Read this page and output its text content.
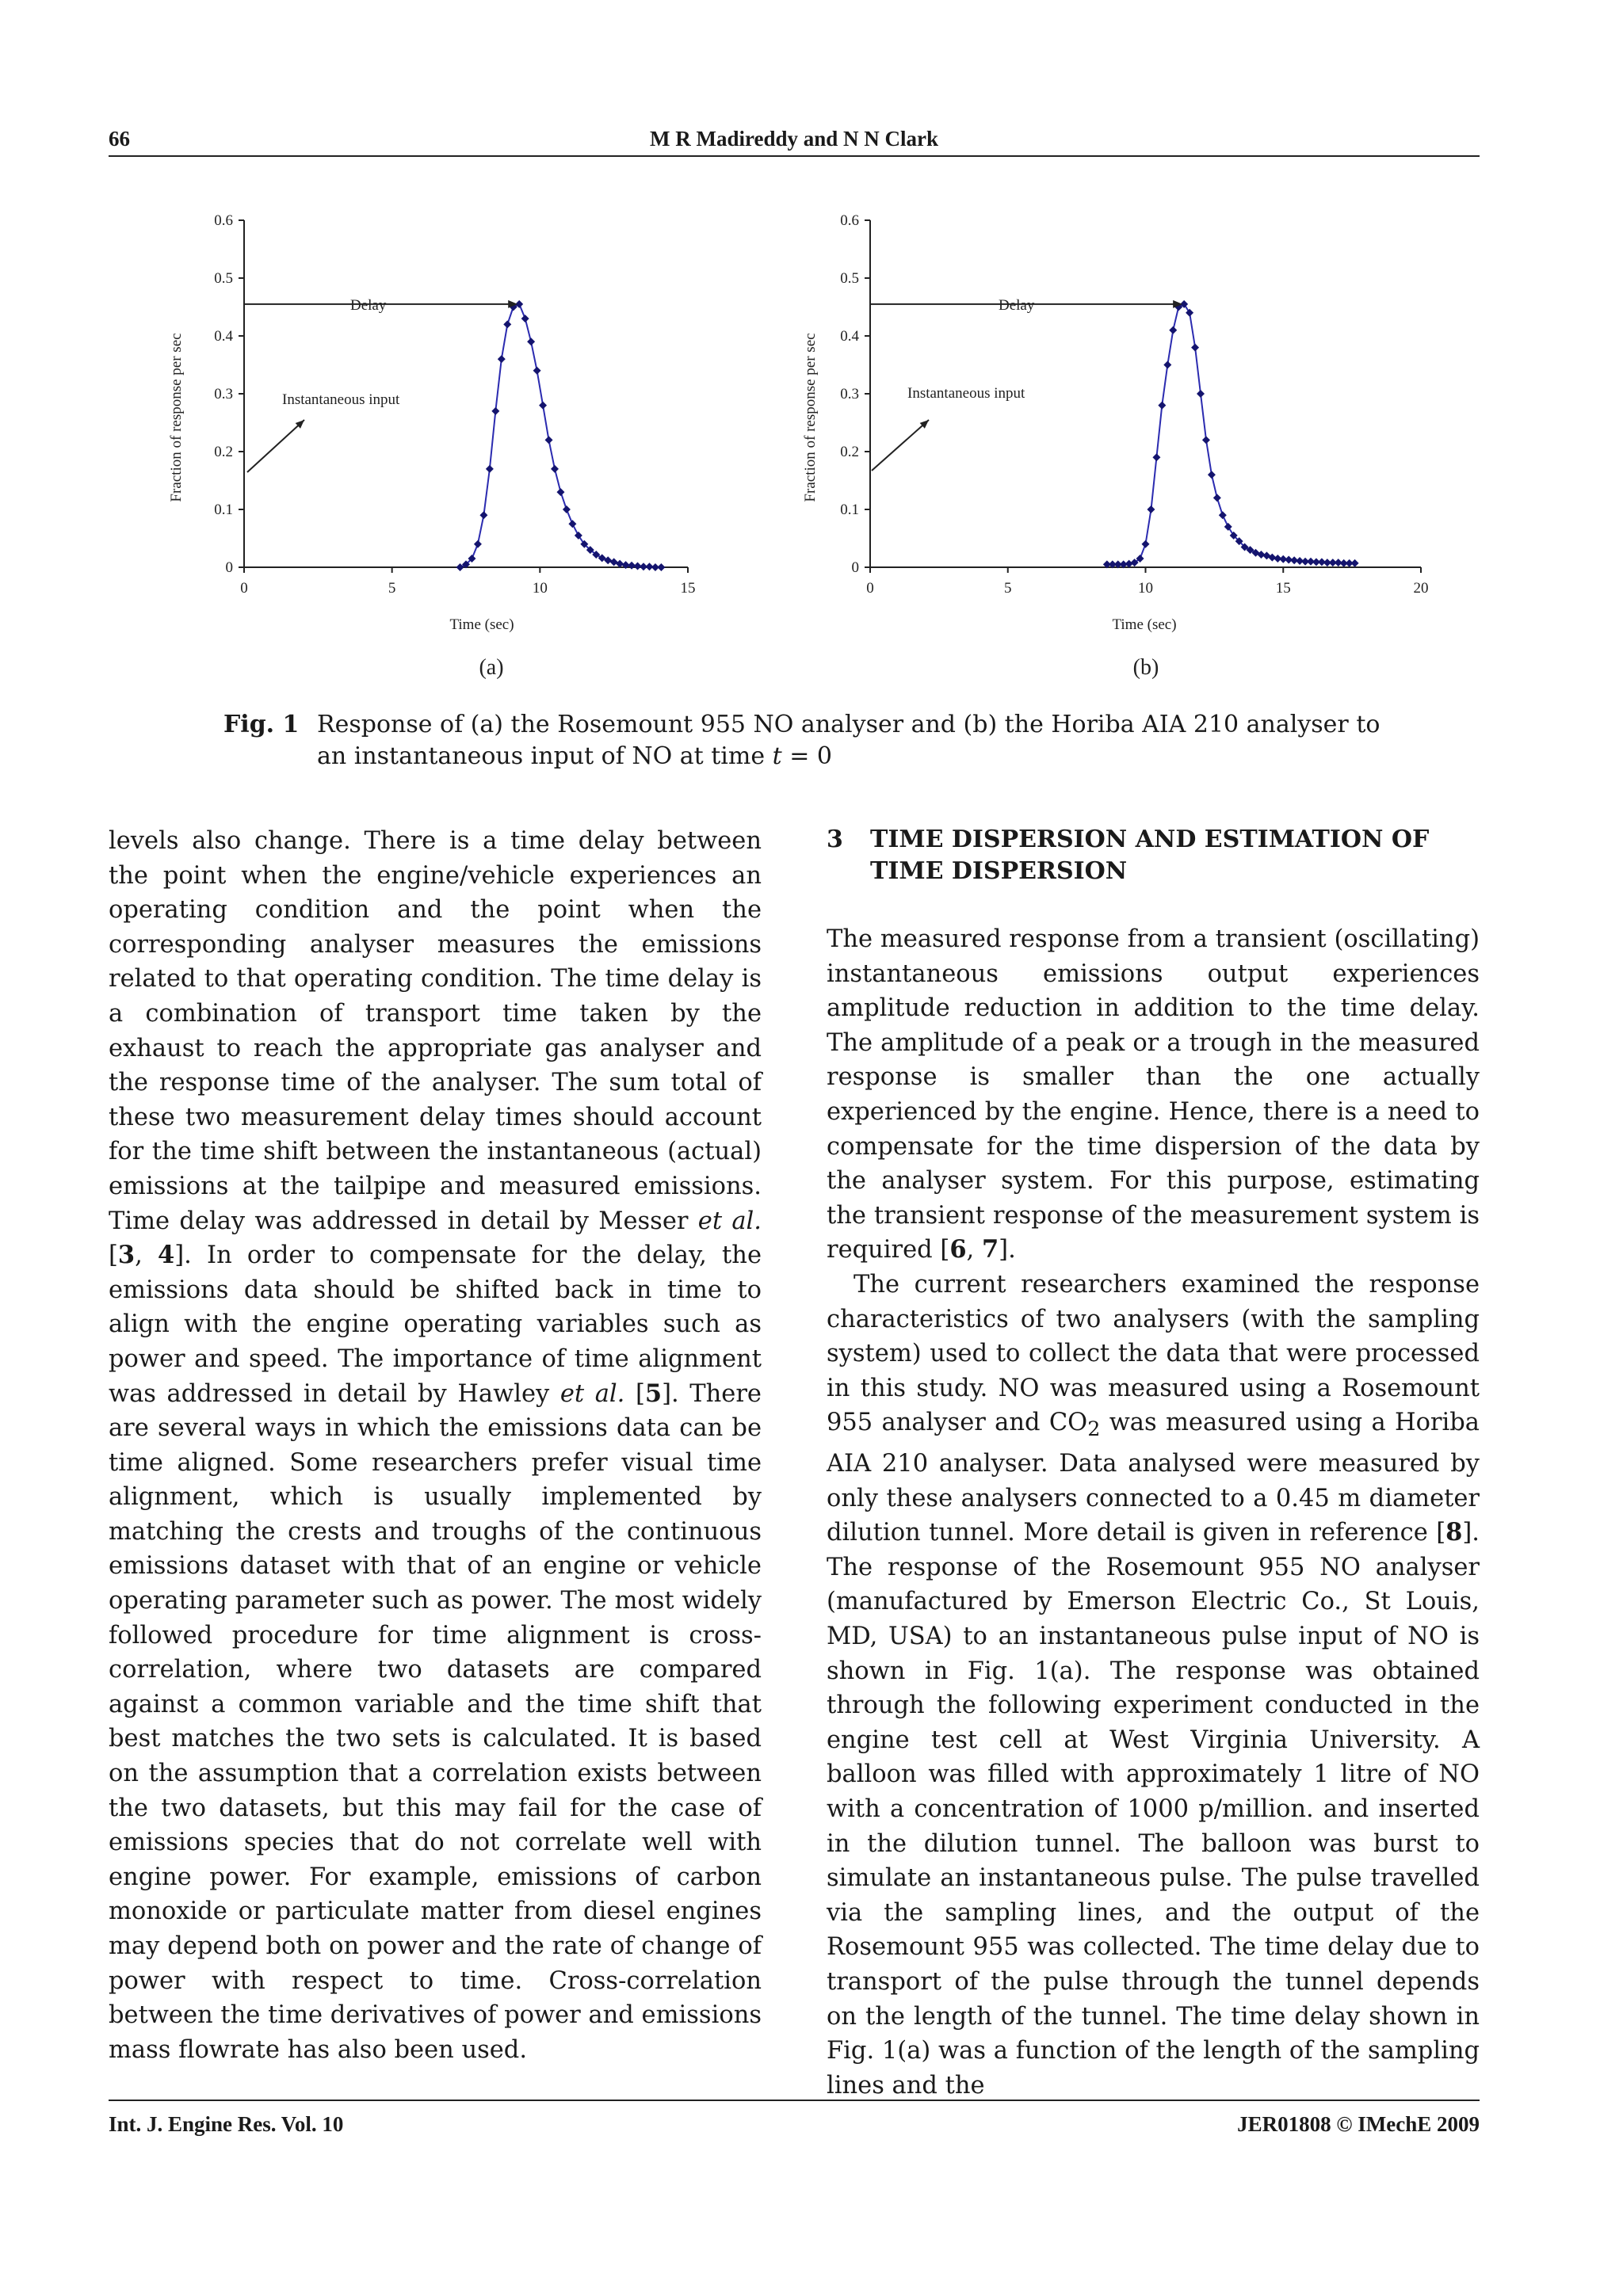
66	M R Madireddy and N N Clark
0
0.1
0.2
0.3
0.4
0.5
0.6
0	5	10	15
Time (sec)
Fraction of response per sec
Delay
Instantaneous input
(a)
0
0.1
0.2
0.3
0.4
0.5
0.6
0	5	10	15	20
Time (sec)
Fraction of response per sec
Delay
Instantaneous input
(b)
Fig. 1 Response of (a) the Rosemount 955 NO analyser and (b) the Horiba AIA 210 analyser to an instantaneous input of NO at time t = 0

levels also change. There is a time delay between the point when the engine/vehicle experiences an operating condition and the point when the corresponding analyser measures the emissions related to that operating condition. The time delay is a combination of transport time taken by the exhaust to reach the appropriate gas analyser and the response time of the analyser. The sum total of these two measurement delay times should account for the time shift between the instantaneous (actual) emissions at the tailpipe and measured emissions. Time delay was addressed in detail by Messer et al. [3, 4]. In order to compensate for the delay, the emissions data should be shifted back in time to align with the engine operating variables such as power and speed. The importance of time alignment was addressed in detail by Hawley et al. [5]. There are several ways in which the emissions data can be time aligned. Some researchers prefer visual time alignment, which is usually implemented by matching the crests and troughs of the continuous emissions dataset with that of an engine or vehicle operating parameter such as power. The most widely followed procedure for time alignment is cross-correlation, where two datasets are compared against a common variable and the time shift that best matches the two sets is calculated. It is based on the assumption that a correlation exists between the two datasets, but this may fail for the case of emissions species that do not correlate well with engine power. For example, emissions of carbon monoxide or particulate matter from diesel engines may depend both on power and the rate of change of power with respect to time. Cross-correlation between the time derivatives of power and emissions mass flowrate has also been used.

3 TIME DISPERSION AND ESTIMATION OF TIME DISPERSION

The measured response from a transient (oscillating) instantaneous emissions output experiences amplitude reduction in addition to the time delay. The amplitude of a peak or a trough in the measured response is smaller than the one actually experienced by the engine. Hence, there is a need to compensate for the time dispersion of the data by the analyser system. For this purpose, estimating the transient response of the measurement system is required [6, 7].

The current researchers examined the response characteristics of two analysers (with the sampling system) used to collect the data that were processed in this study. NO was measured using a Rosemount 955 analyser and $CO_2$ was measured using a Horiba AIA 210 analyser. Data analysed were measured by only these analysers connected to a 0.45 m diameter dilution tunnel. More detail is given in reference [8]. The response of the Rosemount 955 NO analyser (manufactured by Emerson Electric Co., St Louis, MD, USA) to an instantaneous pulse input of NO is shown in Fig. 1(a). The response was obtained through the following experiment conducted in the engine test cell at West Virginia University. A balloon was filled with approximately 1 litre of NO with a concentration of 1000 p/million. and inserted in the dilution tunnel. The balloon was burst to simulate an instantaneous pulse. The pulse travelled via the sampling lines, and the output of the Rosemount 955 was collected. The time delay due to transport of the pulse through the tunnel depends on the length of the tunnel. The time delay shown in Fig. 1(a) was a function of the length of the sampling lines and the

Int. J. Engine Res. Vol. 10	JER01808 © IMechE 2009
